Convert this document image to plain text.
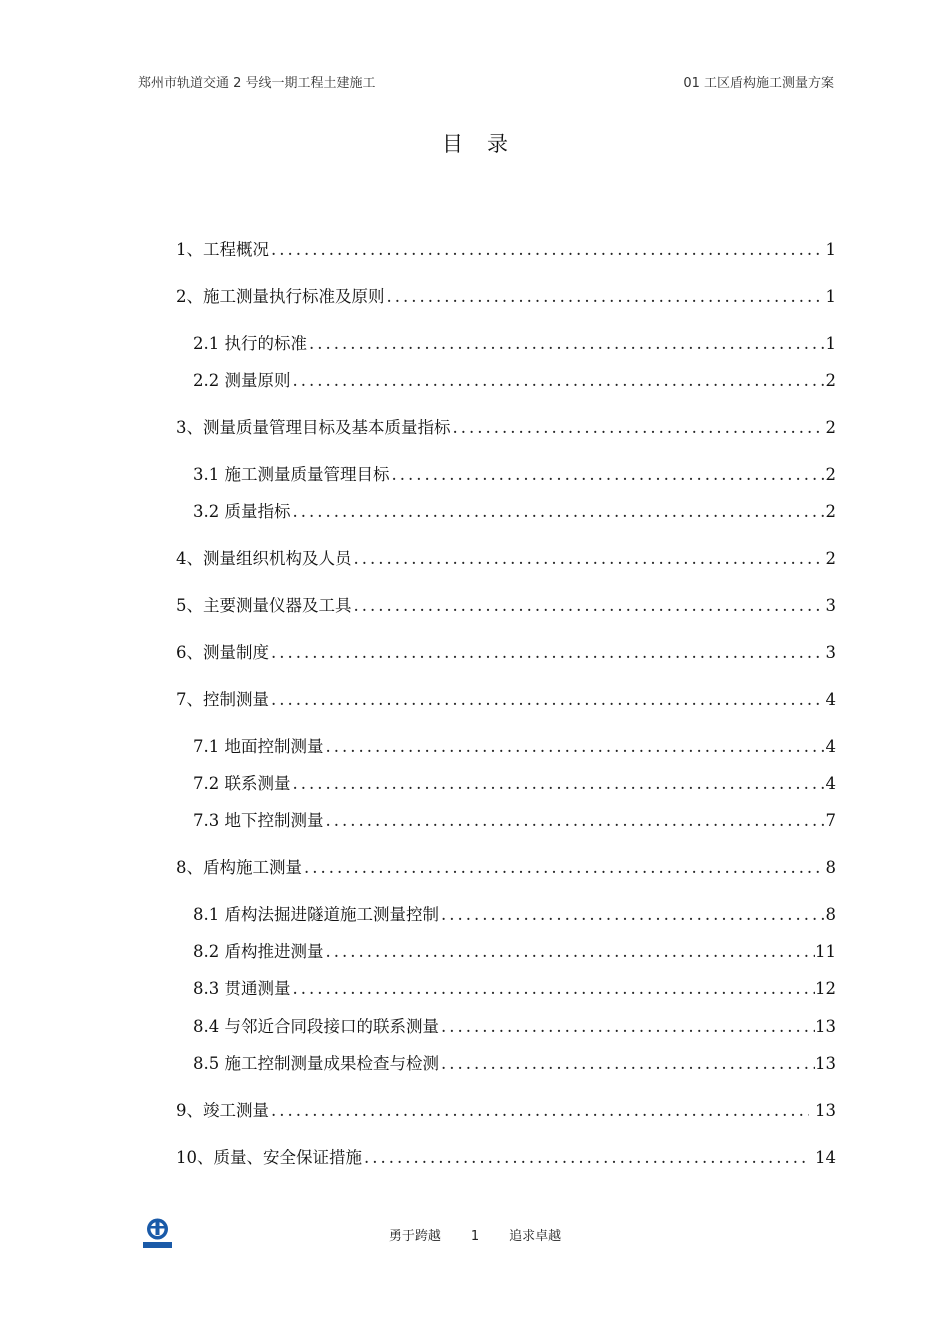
郑州市轨道交通 2 号线一期工程土建施工	01 工区盾构施工测量方案
目录
1、工程概况 .....	1
2、施工测量执行标准及原则 .....	1
2.1 执行的标准 .....	1
2.2 测量原则 .....	2
3、测量质量管理目标及基本质量指标 .....	2
3.1 施工测量质量管理目标 .....	2
3.2 质量指标 .....	2
4、测量组织机构及人员 .....	2
5、主要测量仪器及工具 .....	3
6、测量制度 .....	3
7、控制测量 .....	4
7.1 地面控制测量 .....	4
7.2 联系测量 .....	4
7.3 地下控制测量 .....	7
8、盾构施工测量 .....	8
8.1 盾构法掘进隧道施工测量控制 .....	8
8.2 盾构推进测量 .....	11
8.3 贯通测量 .....	12
8.4 与邻近合同段接口的联系测量 .....	13
8.5 施工控制测量成果检查与检测 .....	13
9、竣工测量 .....	13
10、质量、安全保证措施 .....	14
勇于跨越 1 追求卓越
